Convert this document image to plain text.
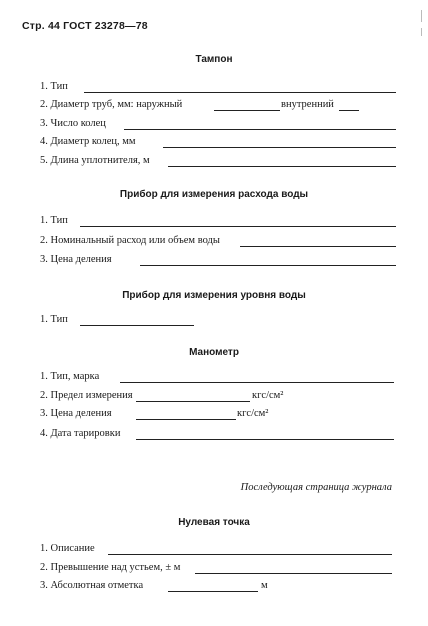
Стр. 44 ГОСТ 23278—78
Тампон
1. Тип
2. Диаметр труб, мм: наружный	внутренний
3. Число колец
4. Диаметр колец, мм
5. Длина уплотнителя, м
Прибор для измерения расхода воды
1. Тип
2. Номинальный расход или объем воды
3. Цена деления
Прибор для измерения уровня воды
1. Тип
Манометр
1. Тип, марка
2. Предел измерения	кгс/см²
3. Цена деления	кгс/см²
4. Дата тарировки
Последующая страница журнала
Нулевая точка
1. Описание
2. Превышение над устьем, ± м
3. Абсолютная отметка	м
